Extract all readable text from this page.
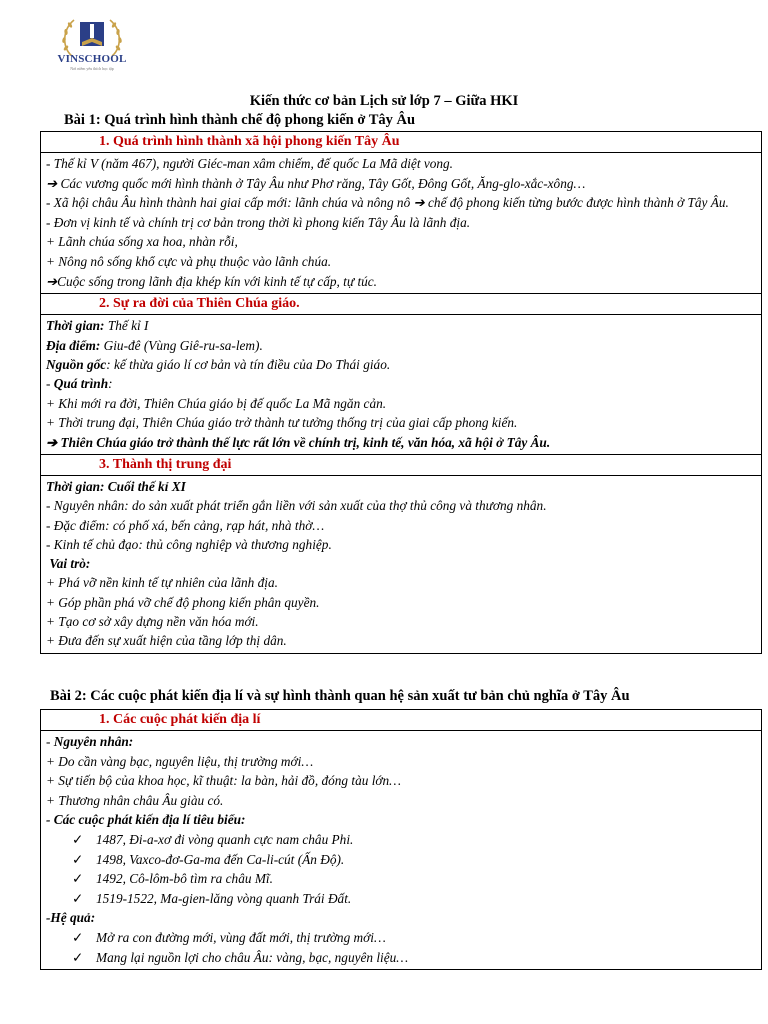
VINSCHOOL
Nơi niềm yêu thích học tập
Kiến thức cơ bản Lịch sử lớp 7 – Giữa HKI
Bài 1: Quá trình hình thành chế độ phong kiến ở Tây Âu
1. Quá trình hình thành xã hội phong kiến Tây Âu
- Thế kỉ V (năm 467), người Giéc-man xâm chiếm, đế quốc La Mã diệt vong.
➔ Các vương quốc mới hình thành ở Tây Âu như Phơ răng, Tây Gốt, Đông Gốt, Ăng-glo-xắc-xông…
- Xã hội châu Âu hình thành hai giai cấp mới: lãnh chúa và nông nô ➔ chế độ phong kiến từng bước được hình thành ở Tây Âu.
- Đơn vị kinh tế và chính trị cơ bản trong thời kì phong kiến Tây Âu là lãnh địa.
+ Lãnh chúa sống xa hoa, nhàn rỗi,
+ Nông nô sống khổ cực và phụ thuộc vào lãnh chúa.
➔Cuộc sống trong lãnh địa khép kín với kinh tế tự cấp, tự túc.
2. Sự ra đời của Thiên Chúa giáo.
Thời gian: Thế kỉ I
Địa điểm: Giu-đê (Vùng Giê-ru-sa-lem).
Nguồn gốc: kế thừa giáo lí cơ bản và tín điều của Do Thái giáo.
- Quá trình:
+ Khi mới ra đời, Thiên Chúa giáo bị đế quốc La Mã ngăn cản.
+ Thời trung đại, Thiên Chúa giáo trở thành tư tưởng thống trị của giai cấp phong kiến.
➔ Thiên Chúa giáo trở thành thế lực rất lớn về chính trị, kinh tế, văn hóa, xã hội ở Tây Âu.
3. Thành thị trung đại
Thời gian: Cuối thế kỉ XI
- Nguyên nhân: do sản xuất phát triển gắn liền với sản xuất của thợ thủ công và thương nhân.
- Đặc điểm: có phố xá, bến cảng, rạp hát, nhà thờ…
- Kinh tế chủ đạo: thủ công nghiệp và thương nghiệp.
Vai trò:
+ Phá vỡ nền kinh tế tự nhiên của lãnh địa.
+ Góp phần phá vỡ chế độ phong kiến phân quyền.
+ Tạo cơ sở xây dựng nền văn hóa mới.
+ Đưa đến sự xuất hiện của tầng lớp thị dân.
Bài 2: Các cuộc phát kiến địa lí và sự hình thành quan hệ sản xuất tư bản chủ nghĩa ở Tây Âu
1. Các cuộc phát kiến địa lí
- Nguyên nhân:
+ Do cần vàng bạc, nguyên liệu, thị trường mới…
+ Sự tiến bộ của khoa học, kĩ thuật: la bàn, hải đồ, đóng tàu lớn…
+ Thương nhân châu Âu giàu có.
- Các cuộc phát kiến địa lí tiêu biểu:
✓ 1487, Đi-a-xơ đi vòng quanh cực nam châu Phi.
✓ 1498, Vaxco-đơ-Ga-ma đến Ca-li-cút (Ấn Độ).
✓ 1492, Cô-lôm-bô tìm ra châu Mĩ.
✓ 1519-1522, Ma-gien-lăng vòng quanh Trái Đất.
-Hệ quả:
✓ Mở ra con đường mới, vùng đất mới, thị trường mới…
✓ Mang lại nguồn lợi cho châu Âu: vàng, bạc, nguyên liệu…
